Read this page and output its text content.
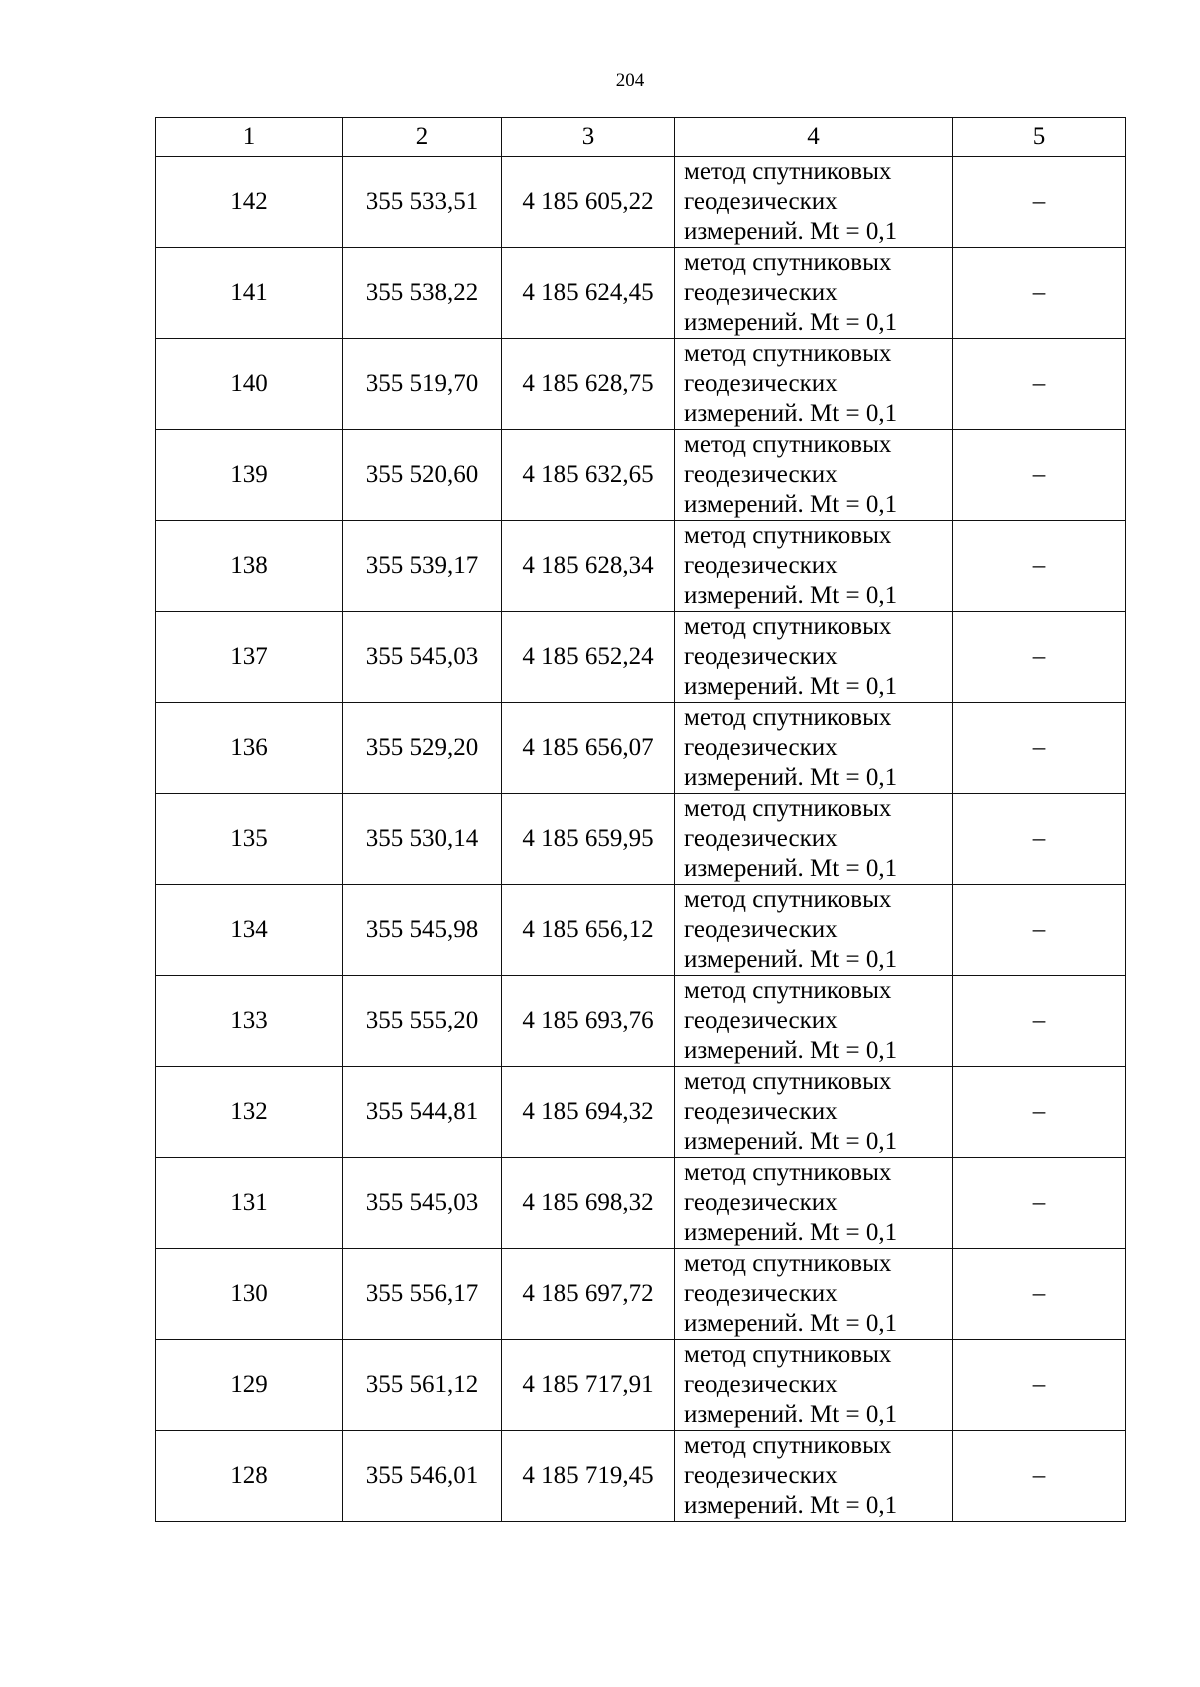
204
1	2	3	4	5
142	355 533,51	4 185 605,22	метод спутниковых
геодезических
измерений. Mt = 0,1	–
141	355 538,22	4 185 624,45	метод спутниковых
геодезических
измерений. Mt = 0,1	–
140	355 519,70	4 185 628,75	метод спутниковых
геодезических
измерений. Mt = 0,1	–
139	355 520,60	4 185 632,65	метод спутниковых
геодезических
измерений. Mt = 0,1	–
138	355 539,17	4 185 628,34	метод спутниковых
геодезических
измерений. Mt = 0,1	–
137	355 545,03	4 185 652,24	метод спутниковых
геодезических
измерений. Mt = 0,1	–
136	355 529,20	4 185 656,07	метод спутниковых
геодезических
измерений. Mt = 0,1	–
135	355 530,14	4 185 659,95	метод спутниковых
геодезических
измерений. Mt = 0,1	–
134	355 545,98	4 185 656,12	метод спутниковых
геодезических
измерений. Mt = 0,1	–
133	355 555,20	4 185 693,76	метод спутниковых
геодезических
измерений. Mt = 0,1	–
132	355 544,81	4 185 694,32	метод спутниковых
геодезических
измерений. Mt = 0,1	–
131	355 545,03	4 185 698,32	метод спутниковых
геодезических
измерений. Mt = 0,1	–
130	355 556,17	4 185 697,72	метод спутниковых
геодезических
измерений. Mt = 0,1	–
129	355 561,12	4 185 717,91	метод спутниковых
геодезических
измерений. Mt = 0,1	–
128	355 546,01	4 185 719,45	метод спутниковых
геодезических
измерений. Mt = 0,1	–
